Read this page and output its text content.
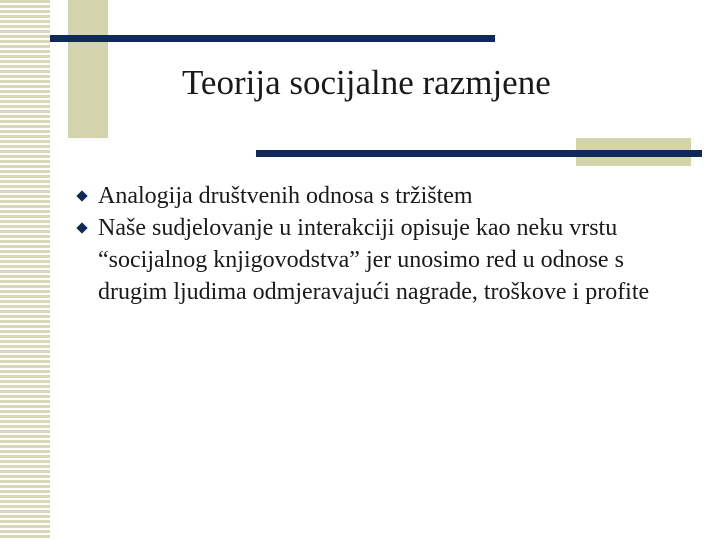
Teorija socijalne razmjene
Analogija društvenih odnosa s tržištem
Naše sudjelovanje u interakciji opisuje kao neku vrstu “socijalnog knjigovodstva” jer unosimo red u odnose s drugim ljudima odmjeravajući nagrade, troškove i profite
